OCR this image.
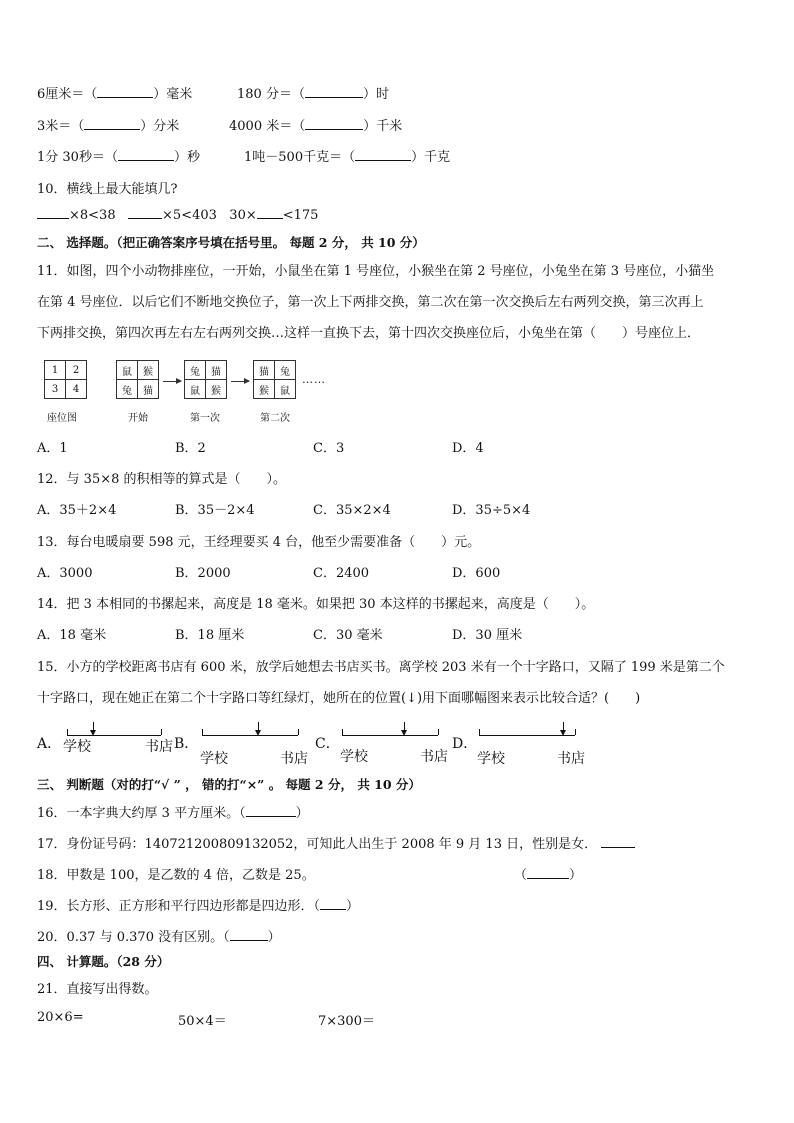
6厘米＝（	）毫米	180 分＝（	）时
3米＝（	）分米	4000 米＝（	）千米
1分 30秒＝（	）秒	1吨－500千克＝（	）千克
10．横线上最大能填几?
×8<38	×5<403 30× <175
二、 选择题。（把正确答案序号填在括号里。 每题 2 分， 共 10 分）
11．如图，四个小动物排座位，一开始，小鼠坐在第 1 号座位，小猴坐在第 2 号座位，小兔坐在第 3 号座位，小猫坐
在第 4 号座位．以后它们不断地交换位子，第一次上下两排交换，第二次在第一次交换后左右两列交换，第三次再上
下两排交换，第四次再左右左右两列交换…这样一直换下去，第十四次交换座位后，小兔坐在第（　　）号座位上．
1	2
3	4
鼠	猴
兔	猫
兔	猫
鼠	猴
猫	兔
猴	鼠
……
座位图	开始	第一次	第二次
A．1	B．2	C．3	D．4
12．与 35×8 的积相等的算式是（　　）。
A．35＋2×4	B．35－2×4	C．35×2×4	D．35÷5×4
13．每台电暖扇要 598 元，王经理要买 4 台，他至少需要准备（　　）元。
A．3000	B．2000	C．2400	D．600
14．把 3 本相同的书摞起来，高度是 18 毫米。如果把 30 本这样的书摞起来，高度是（　　）。
A．18 毫米	B．18 厘米	C．30 毫米	D．30 厘米
15．小方的学校距离书店有 600 米，放学后她想去书店买书。离学校 203 米有一个十字路口，又隔了 199 米是第二个
十字路口，现在她正在第二个十字路口等红绿灯，她所在的位置(↓)用下面哪幅图来表示比较合适？(　　)
A． 学校	书店 B．
学校	书店
C．
学校	书店
D．
学校	书店
三、 判断题（对的打“√ ” ， 错的打“×” 。 每题 2 分， 共 10 分）
16．一本字典大约厚 3 平方厘米。（	）
17．身份证号码：140721200809132052，可知此人出生于 2008 年 9 月 13 日，性别是女．
18．甲数是 100，是乙数的 4 倍，乙数是 25。	（	）
19．长方形、正方形和平行四边形都是四边形．（ ）
20．0.37 与 0.370 没有区别。（	）
四、 计算题。（28 分）
21．直接写出得数。
20×6=	50×4＝	7×300＝
